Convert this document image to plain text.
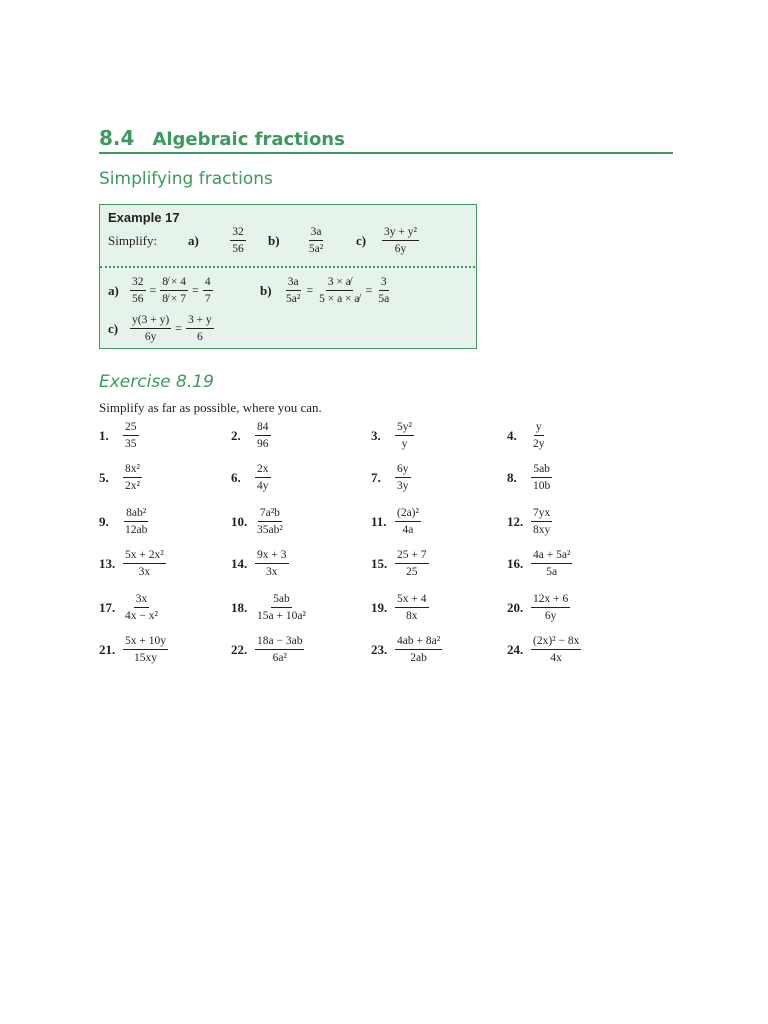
8.4 Algebraic fractions
Simplifying fractions
Example 17
Simplify:	a)	$\frac{32}{56} b$)	$\frac{3a}{\text{5a²}} c$)	$\frac{\text{3y + y²}}{6y}$
$a) \frac{32}{56} = \frac{8̸ \times 4}{8̸ \times 7} = \frac{4}{7}$	b)	$\frac{3a}{\text{5a²}} = \frac{3 \times a̸}{5 \times a \times a̸} = \frac{3}{5a}$
c)	$\frac{y(3 + y)}{6y} = \frac{3 + y}{6}$
Exercise 8.19
Simplify as far as possible, where you can.
1.	$\frac{25}{35}$	2.	$\frac{84}{96}$	3.	$\frac{\text{5y²}}{y}$	4.	$\frac{y}{2y}$
5.	$\frac{\text{8x²}}{\text{2x²}}$	6.	$\frac{2x}{4y}$	7.	$\frac{6y}{3y}$	8.	$\frac{5ab}{10b}$
9.	$\frac{\text{8ab²}}{12ab}$	10. $\frac{\text{7a²b}}{\text{35ab²}}$	11. $\frac{\text{(2a)²}}{4a}$	12. $\frac{7yx}{8xy}$
13. $\frac{\text{5x + 2x²}}{3x}$	14. $\frac{9x + 3}{3x}$	15. $\frac{25 + 7}{25}$	16. $\frac{\text{4a + 5a²}}{5a}$
17. $\frac{3x}{\text{4x − x²}}$	18. $\frac{5ab}{\text{15a + 10a²}}$	19. $\frac{5x + 4}{8x}$	20. $\frac{12x + 6}{6y}$
21. $\frac{5x + 10y}{15xy}$	22. $\frac{18a - 3ab}{\text{6a²}}$	23. $\frac{\text{4ab + 8a²}}{2ab}$	24. $\frac{\text{(2x)² − 8x}}{4x}$
